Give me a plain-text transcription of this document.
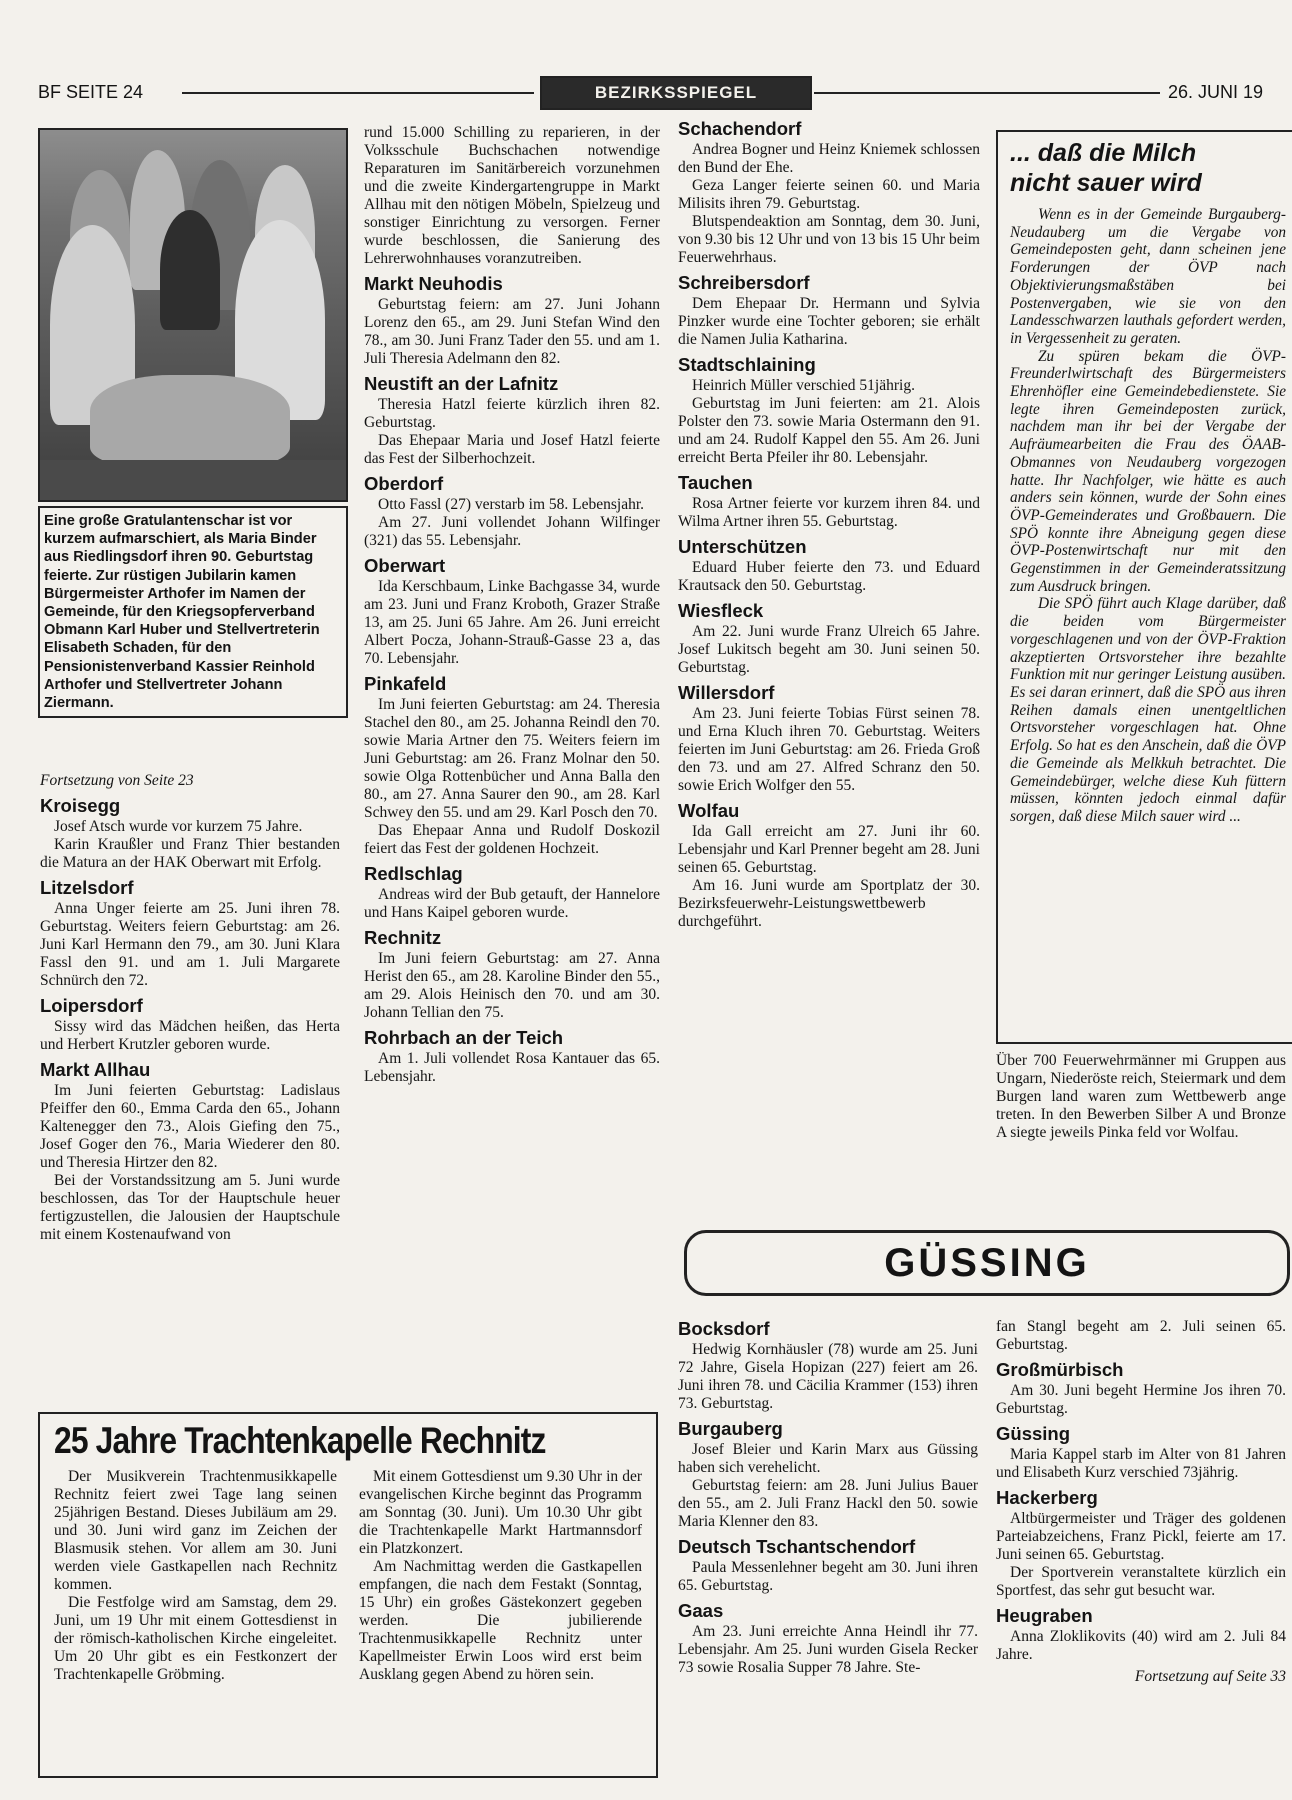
BF SEITE 24	BEZIRKSSPIEGEL	26. JUNI 19
Eine große Gratulantenschar ist vor kurzem aufmarschiert, als Maria Binder aus Riedlingsdorf ihren 90. Geburtstag feierte. Zur rüstigen Jubilarin kamen Bürgermeister Arthofer im Namen der Gemeinde, für den Kriegsopferverband Obmann Karl Huber und Stellvertreterin Elisabeth Schaden, für den Pensionistenverband Kassier Reinhold Arthofer und Stellvertreter Johann Ziermann.
Fortsetzung von Seite 23
Kroisegg

Josef Atsch wurde vor kurzem 75 Jahre.

Karin Kraußler und Franz Thier bestanden die Matura an der HAK Oberwart mit Erfolg.

Litzelsdorf

Anna Unger feierte am 25. Juni ihren 78. Geburtstag. Weiters feiern Geburtstag: am 26. Juni Karl Hermann den 79., am 30. Juni Klara Fassl den 91. und am 1. Juli Margarete Schnürch den 72.

Loipersdorf

Sissy wird das Mädchen heißen, das Herta und Herbert Krutzler geboren wurde.

Markt Allhau

Im Juni feierten Geburtstag: Ladislaus Pfeiffer den 60., Emma Carda den 65., Johann Kaltenegger den 73., Alois Giefing den 75., Josef Goger den 76., Maria Wiederer den 80. und Theresia Hirtzer den 82.

Bei der Vorstandssitzung am 5. Juni wurde beschlossen, das Tor der Hauptschule heuer fertigzustellen, die Jalousien der Hauptschule mit einem Kostenaufwand von

rund 15.000 Schilling zu reparieren, in der Volksschule Buchschachen notwendige Reparaturen im Sanitärbereich vorzunehmen und die zweite Kindergartengruppe in Markt Allhau mit den nötigen Möbeln, Spielzeug und sonstiger Einrichtung zu versorgen. Ferner wurde beschlossen, die Sanierung des Lehrerwohnhauses voranzutreiben.

Markt Neuhodis

Geburtstag feiern: am 27. Juni Johann Lorenz den 65., am 29. Juni Stefan Wind den 78., am 30. Juni Franz Tader den 55. und am 1. Juli Theresia Adelmann den 82.

Neustift an der Lafnitz

Theresia Hatzl feierte kürzlich ihren 82. Geburtstag.

Das Ehepaar Maria und Josef Hatzl feierte das Fest der Silberhochzeit.

Oberdorf

Otto Fassl (27) verstarb im 58. Lebensjahr.

Am 27. Juni vollendet Johann Wilfinger (321) das 55. Lebensjahr.

Oberwart

Ida Kerschbaum, Linke Bachgasse 34, wurde am 23. Juni und Franz Kroboth, Grazer Straße 13, am 25. Juni 65 Jahre. Am 26. Juni erreicht Albert Pocza, Johann-Strauß-Gasse 23 a, das 70. Lebensjahr.

Pinkafeld

Im Juni feierten Geburtstag: am 24. Theresia Stachel den 80., am 25. Johanna Reindl den 70. sowie Maria Artner den 75. Weiters feiern im Juni Geburtstag: am 26. Franz Molnar den 50. sowie Olga Rottenbücher und Anna Balla den 80., am 27. Anna Saurer den 90., am 28. Karl Schwey den 55. und am 29. Karl Posch den 70.

Das Ehepaar Anna und Rudolf Doskozil feiert das Fest der goldenen Hochzeit.

Redlschlag

Andreas wird der Bub getauft, der Hannelore und Hans Kaipel geboren wurde.

Rechnitz

Im Juni feiern Geburtstag: am 27. Anna Herist den 65., am 28. Karoline Binder den 55., am 29. Alois Heinisch den 70. und am 30. Johann Tellian den 75.

Rohrbach an der Teich

Am 1. Juli vollendet Rosa Kantauer das 65. Lebensjahr.

Schachendorf

Andrea Bogner und Heinz Kniemek schlossen den Bund der Ehe.

Geza Langer feierte seinen 60. und Maria Milisits ihren 79. Geburtstag.

Blutspendeaktion am Sonntag, dem 30. Juni, von 9.30 bis 12 Uhr und von 13 bis 15 Uhr beim Feuerwehrhaus.

Schreibersdorf

Dem Ehepaar Dr. Hermann und Sylvia Pinzker wurde eine Tochter geboren; sie erhält die Namen Julia Katharina.

Stadtschlaining

Heinrich Müller verschied 51jährig.

Geburtstag im Juni feierten: am 21. Alois Polster den 73. sowie Maria Ostermann den 91. und am 24. Rudolf Kappel den 55. Am 26. Juni erreicht Berta Pfeiler ihr 80. Lebensjahr.

Tauchen

Rosa Artner feierte vor kurzem ihren 84. und Wilma Artner ihren 55. Geburtstag.

Unterschützen

Eduard Huber feierte den 73. und Eduard Krautsack den 50. Geburtstag.

Wiesfleck

Am 22. Juni wurde Franz Ulreich 65 Jahre. Josef Lukitsch begeht am 30. Juni seinen 50. Geburtstag.

Willersdorf

Am 23. Juni feierte Tobias Fürst seinen 78. und Erna Kluch ihren 70. Geburtstag. Weiters feierten im Juni Geburtstag: am 26. Frieda Groß den 73. und am 27. Alfred Schranz den 50. sowie Erich Wolfger den 55.

Wolfau

Ida Gall erreicht am 27. Juni ihr 60. Lebensjahr und Karl Prenner begeht am 28. Juni seinen 65. Geburtstag.

Am 16. Juni wurde am Sportplatz der 30. Bezirksfeuerwehr-Leistungswettbewerb durchgeführt.

... daß die Milch
nicht sauer wird

Wenn es in der Gemeinde Burgauberg-Neudauberg um die Vergabe von Gemeindeposten geht, dann scheinen jene Forderungen der ÖVP nach Objektivierungsmaßstäben bei Postenvergaben, wie sie von den Landesschwarzen lauthals gefordert werden, in Vergessenheit zu geraten.

Zu spüren bekam die ÖVP-Freunderlwirtschaft des Bürgermeisters Ehrenhöfler eine Gemeindebedienstete. Sie legte ihren Gemeindeposten zurück, nachdem man ihr bei der Vergabe der Aufräumearbeiten die Frau des ÖAAB-Obmannes von Neudauberg vorgezogen hatte. Ihr Nachfolger, wie hätte es auch anders sein können, wurde der Sohn eines ÖVP-Gemeinderates und Großbauern. Die SPÖ konnte ihre Abneigung gegen diese ÖVP-Postenwirtschaft nur mit den Gegenstimmen in der Gemeinderatssitzung zum Ausdruck bringen.

Die SPÖ führt auch Klage darüber, daß die beiden vom Bürgermeister vorgeschlagenen und von der ÖVP-Fraktion akzeptierten Ortsvorsteher ihre bezahlte Funktion mit nur geringer Leistung ausüben. Es sei daran erinnert, daß die SPÖ aus ihren Reihen damals einen unentgeltlichen Ortsvorsteher vorgeschlagen hat. Ohne Erfolg. So hat es den Anschein, daß die ÖVP die Gemeinde als Melkkuh betrachtet. Die Gemeindebürger, welche diese Kuh füttern müssen, könnten jedoch einmal dafür sorgen, daß diese Milch sauer wird ...

Über 700 Feuerwehrmänner mi Gruppen aus Ungarn, Niederöste reich, Steiermark und dem Burgen land waren zum Wettbewerb ange treten. In den Bewerben Silber A und Bronze A siegte jeweils Pinka feld vor Wolfau.

GÜSSING
Bocksdorf

Hedwig Kornhäusler (78) wurde am 25. Juni 72 Jahre, Gisela Hopizan (227) feiert am 26. Juni ihren 78. und Cäcilia Krammer (153) ihren 73. Geburtstag.

Burgauberg

Josef Bleier und Karin Marx aus Güssing haben sich verehelicht.

Geburtstag feiern: am 28. Juni Julius Bauer den 55., am 2. Juli Franz Hackl den 50. sowie Maria Klenner den 83.

Deutsch Tschantschendorf

Paula Messenlehner begeht am 30. Juni ihren 65. Geburtstag.

Gaas

Am 23. Juni erreichte Anna Heindl ihr 77. Lebensjahr. Am 25. Juni wurden Gisela Recker 73 sowie Rosalia Supper 78 Jahre. Ste-

fan Stangl begeht am 2. Juli seinen 65. Geburtstag.

Großmürbisch

Am 30. Juni begeht Hermine Jos ihren 70. Geburtstag.

Güssing

Maria Kappel starb im Alter von 81 Jahren und Elisabeth Kurz verschied 73jährig.

Hackerberg

Altbürgermeister und Träger des goldenen Parteiabzeichens, Franz Pickl, feierte am 17. Juni seinen 65. Geburtstag.

Der Sportverein veranstaltete kürzlich ein Sportfest, das sehr gut besucht war.

Heugraben

Anna Zloklikovits (40) wird am 2. Juli 84 Jahre.

Fortsetzung auf Seite 33
25 Jahre Trachtenkapelle Rechnitz

Der Musikverein Trachtenmusikkapelle Rechnitz feiert zwei Tage lang seinen 25jährigen Bestand. Dieses Jubiläum am 29. und 30. Juni wird ganz im Zeichen der Blasmusik stehen. Vor allem am 30. Juni werden viele Gastkapellen nach Rechnitz kommen.

Die Festfolge wird am Samstag, dem 29. Juni, um 19 Uhr mit einem Gottesdienst in der römisch-katholischen Kirche eingeleitet. Um 20 Uhr gibt es ein Festkonzert der Trachtenkapelle Gröbming.

Mit einem Gottesdienst um 9.30 Uhr in der evangelischen Kirche beginnt das Programm am Sonntag (30. Juni). Um 10.30 Uhr gibt die Trachtenkapelle Markt Hartmannsdorf ein Platzkonzert.

Am Nachmittag werden die Gastkapellen empfangen, die nach dem Festakt (Sonntag, 15 Uhr) ein großes Gästekonzert gegeben werden. Die jubilierende Trachtenmusikkapelle Rechnitz unter Kapellmeister Erwin Loos wird erst beim Ausklang gegen Abend zu hören sein.
